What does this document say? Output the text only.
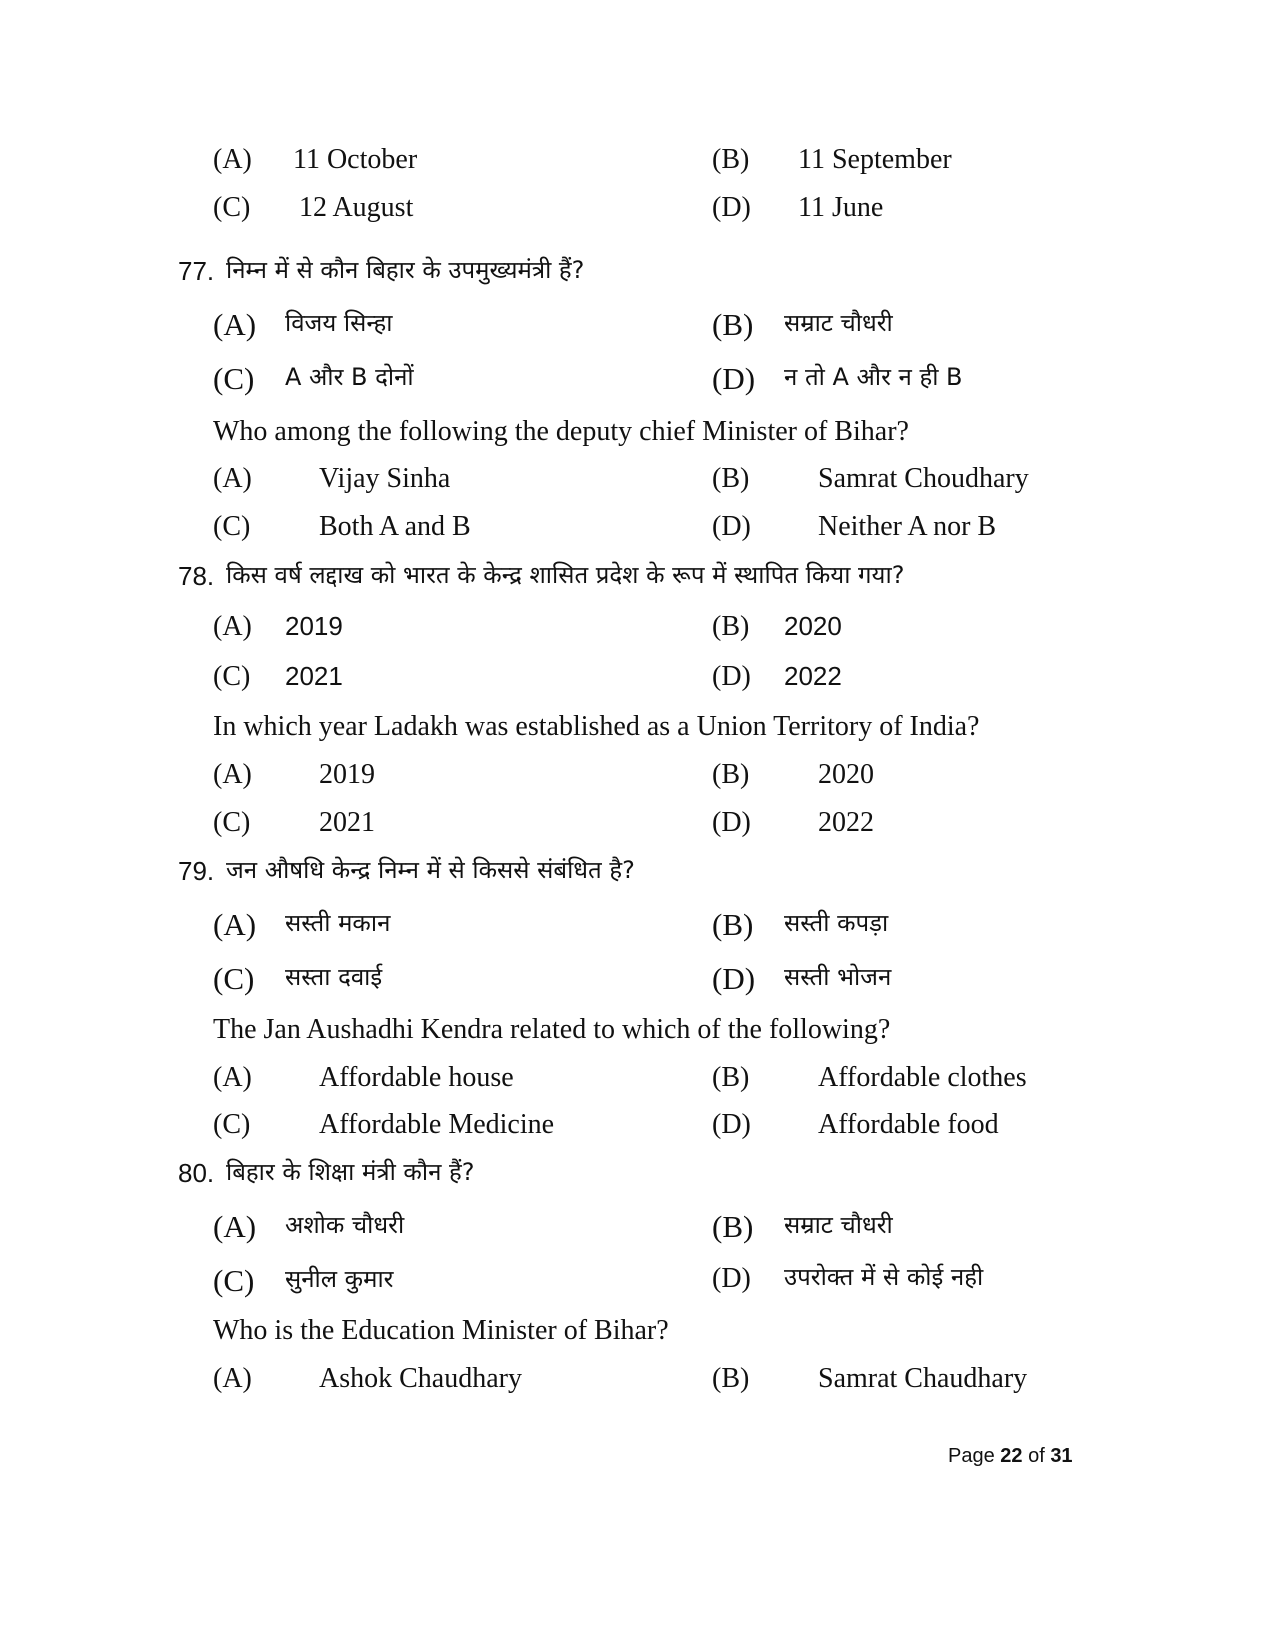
(A) 11 October	(B) 11 September
(C) 12 August	(D) 11 June
77. निम्न में से कौन बिहार के उपमुख्यमंत्री हैं?
(A) विजय सिन्हा	(B) सम्राट चौधरी
(C) A और B दोनों	(D) न तो A और न ही B
Who among the following the deputy chief Minister of Bihar?
(A) Vijay Sinha	(B) Samrat Choudhary
(C) Both A and B	(D) Neither A nor B
78. किस वर्ष लद्दाख को भारत के केन्द्र शासित प्रदेश के रूप में स्थापित किया गया?
(A) 2019	(B) 2020
(C) 2021	(D) 2022
In which year Ladakh was established as a Union Territory of India?
(A) 2019	(B) 2020
(C) 2021	(D) 2022
79. जन औषधि केन्द्र निम्न में से किससे संबंधित है?
(A) सस्ती मकान	(B) सस्ती कपड़ा
(C) सस्ता दवाई	(D) सस्ती भोजन
The Jan Aushadhi Kendra related to which of the following?
(A) Affordable house	(B) Affordable clothes
(C) Affordable Medicine	(D) Affordable food
80. बिहार के शिक्षा मंत्री कौन हैं?
(A) अशोक चौधरी	(B) सम्राट चौधरी
(C) सुनील कुमार	(D) उपरोक्त में से कोई नही
Who is the Education Minister of Bihar?
(A) Ashok Chaudhary	(B) Samrat Chaudhary
Page 22 of 31
